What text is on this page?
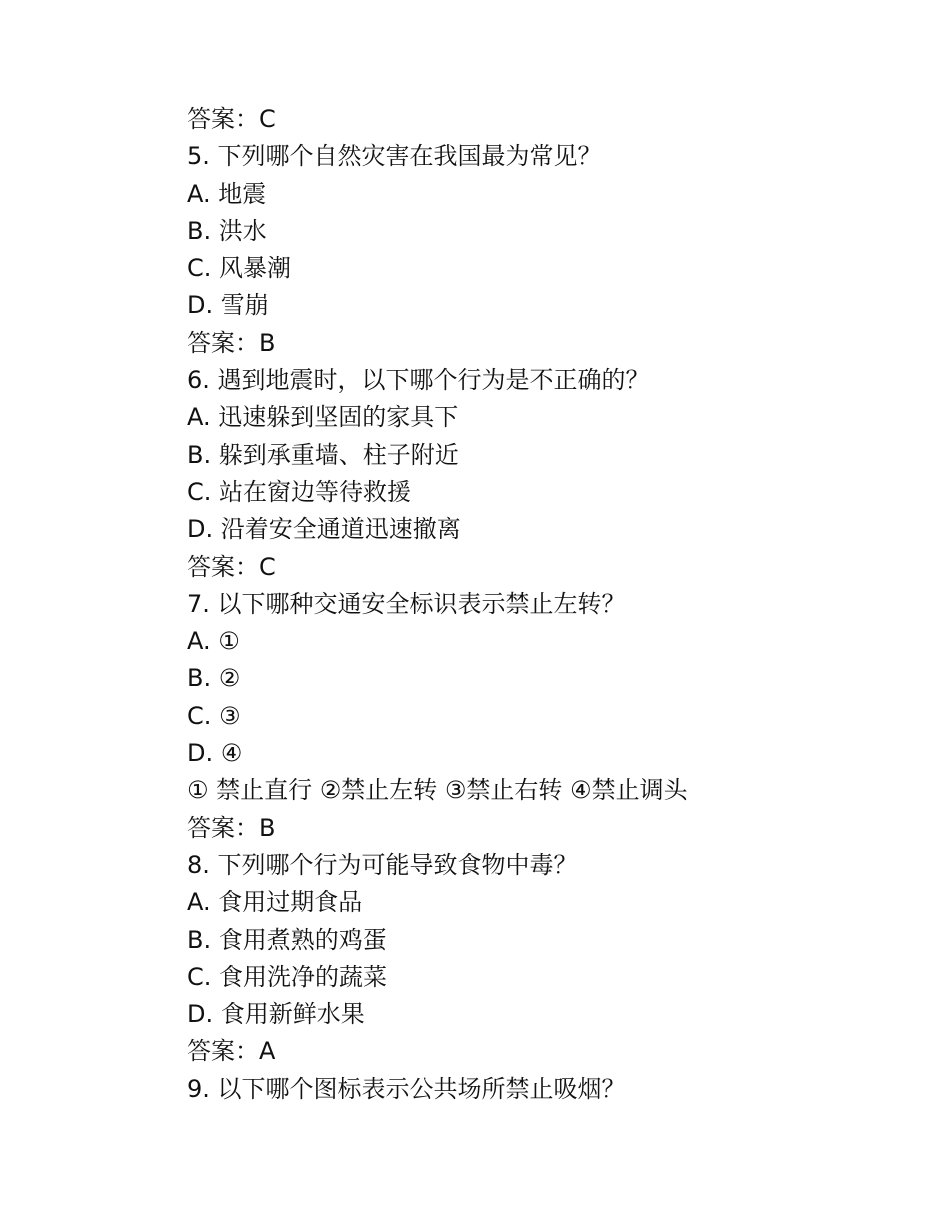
答案：C
5. 下列哪个自然灾害在我国最为常见？
A. 地震
B. 洪水
C. 风暴潮
D. 雪崩
答案：B
6. 遇到地震时，以下哪个行为是不正确的？
A. 迅速躲到坚固的家具下
B. 躲到承重墙、柱子附近
C. 站在窗边等待救援
D. 沿着安全通道迅速撤离
答案：C
7. 以下哪种交通安全标识表示禁止左转？
A. ①
B. ②
C. ③
D. ④
① 禁止直行 ②禁止左转 ③禁止右转 ④禁止调头
答案：B
8. 下列哪个行为可能导致食物中毒？
A. 食用过期食品
B. 食用煮熟的鸡蛋
C. 食用洗净的蔬菜
D. 食用新鲜水果
答案：A
9. 以下哪个图标表示公共场所禁止吸烟？
